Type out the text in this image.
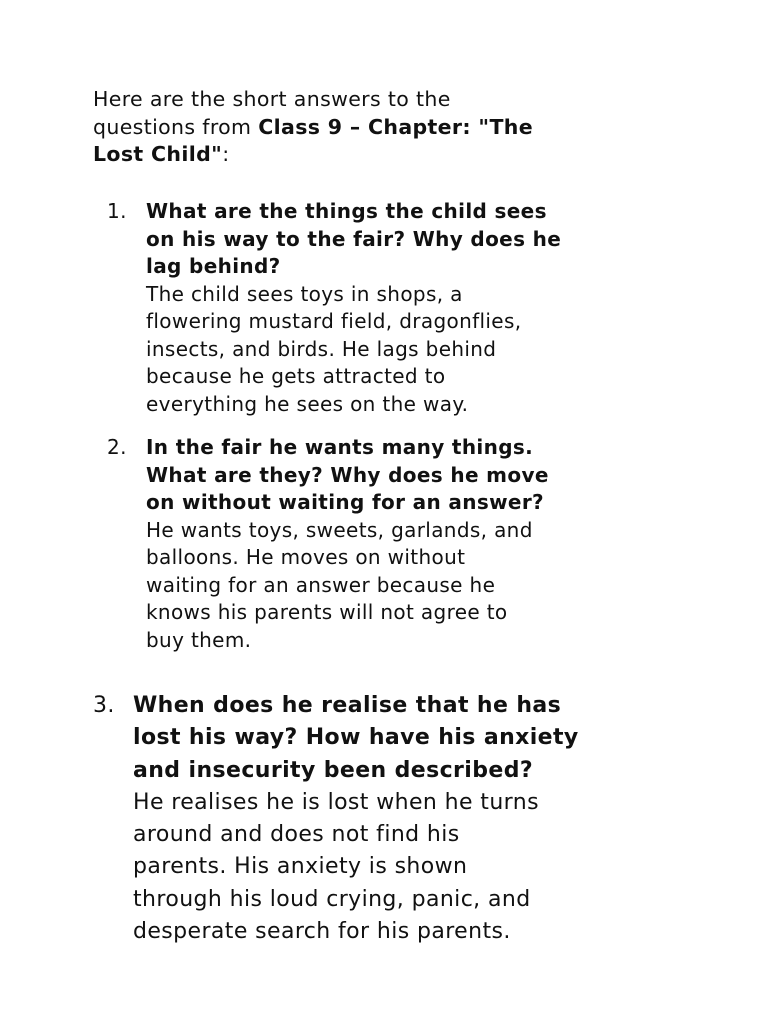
Here are the short answers to the
questions from Class 9 – Chapter: "The
Lost Child":
1. What are the things the child sees
on his way to the fair? Why does he
lag behind?
The child sees toys in shops, a
flowering mustard field, dragonflies,
insects, and birds. He lags behind
because he gets attracted to
everything he sees on the way.
2. In the fair he wants many things.
What are they? Why does he move
on without waiting for an answer?
He wants toys, sweets, garlands, and
balloons. He moves on without
waiting for an answer because he
knows his parents will not agree to
buy them.
3. When does he realise that he has
lost his way? How have his anxiety
and insecurity been described?
He realises he is lost when he turns
around and does not find his
parents. His anxiety is shown
through his loud crying, panic, and
desperate search for his parents.
